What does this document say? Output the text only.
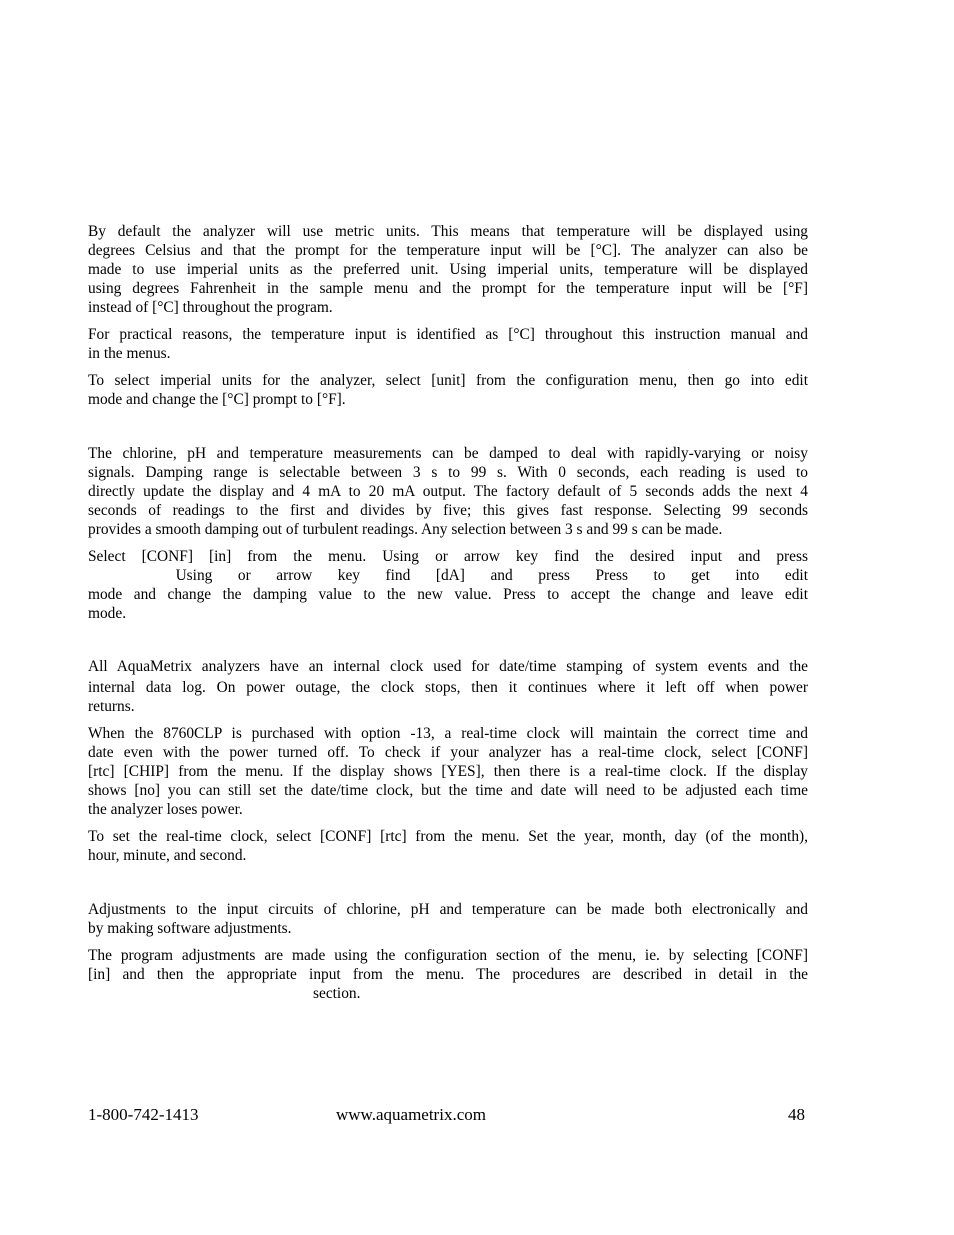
By default the analyzer will use metric units. This means that temperature will be displayed using
degrees Celsius and that the prompt for the temperature input will be [°C]. The analyzer can also be
made to use imperial units as the preferred unit. Using imperial units, temperature will be displayed
using degrees Fahrenheit in the sample menu and the prompt for the temperature input will be [°F]
instead of [°C] throughout the program.
For practical reasons, the temperature input is identified as [°C] throughout this instruction manual and
in the menus.
To select imperial units for the analyzer, select [unit] from the configuration menu, then go into edit
mode and change the [°C] prompt to [°F].
The chlorine, pH and temperature measurements can be damped to deal with rapidly-varying or noisy
signals. Damping range is selectable between 3 s to 99 s. With 0 seconds, each reading is used to
directly update the display and 4 mA to 20 mA output. The factory default of 5 seconds adds the next 4
seconds of readings to the first and divides by five; this gives fast response. Selecting 99 seconds
provides a smooth damping out of turbulent readings. Any selection between 3 s and 99 s can be made.
Select [CONF] [in] from the menu. Using or arrow key find the desired input and press
Using or arrow key find [dA] and press Press to get into edit
mode and change the damping value to the new value. Press to accept the change and leave edit
mode.
All AquaMetrix analyzers have an internal clock used for date/time stamping of system events and the
internal data log. On power outage, the clock stops, then it continues where it left off when power
returns.
When the 8760CLP is purchased with option -13, a real-time clock will maintain the correct time and
date even with the power turned off. To check if your analyzer has a real-time clock, select [CONF]
[rtc] [CHIP] from the menu. If the display shows [YES], then there is a real-time clock. If the display
shows [no] you can still set the date/time clock, but the time and date will need to be adjusted each time
the analyzer loses power.
To set the real-time clock, select [CONF] [rtc] from the menu. Set the year, month, day (of the month),
hour, minute, and second.
Adjustments to the input circuits of chlorine, pH and temperature can be made both electronically and
by making software adjustments.
The program adjustments are made using the configuration section of the menu, ie. by selecting [CONF]
[in] and then the appropriate input from the menu. The procedures are described in detail in the
section.
1-800-742-1413	www.aquametrix.com	48
